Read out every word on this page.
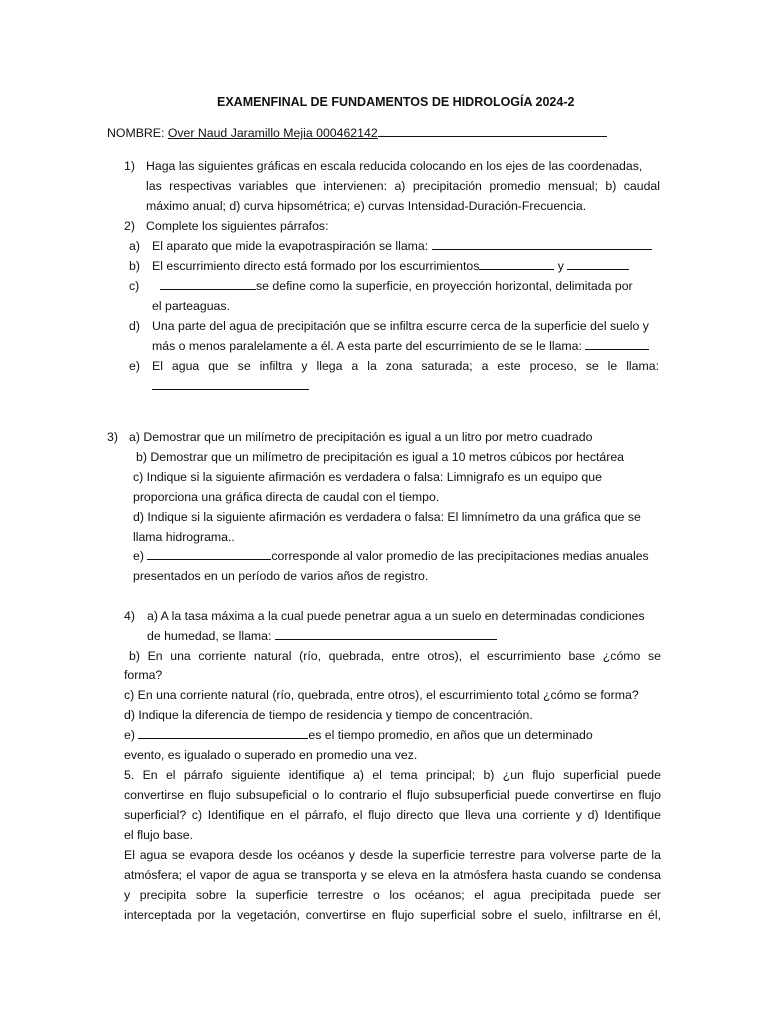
EXAMENFINAL DE FUNDAMENTOS DE HIDROLOGÍA 2024-2
NOMBRE: Over Naud Jaramillo Mejia 000462142
1) Haga las siguientes gráficas en escala reducida colocando en los ejes de las coordenadas,
las respectivas variables que intervienen: a) precipitación promedio mensual; b) caudal
máximo anual; d) curva hipsométrica; e) curvas Intensidad-Duración-Frecuencia.
2) Complete los siguientes párrafos:
a) El aparato que mide la evapotraspiración se llama:
b) El escurrimiento directo está formado por los escurrimientos	y
c)	se define como la superficie, en proyección horizontal, delimitada por
el parteaguas.
d) Una parte del agua de precipitación que se infiltra escurre cerca de la superficie del suelo y
más o menos paralelamente a él. A esta parte del escurrimiento de se le llama:
e) El agua que se infiltra y llega a la zona saturada; a este proceso, se le llama:
3) a) Demostrar que un milímetro de precipitación es igual a un litro por metro cuadrado
b) Demostrar que un milímetro de precipitación es igual a 10 metros cúbicos por hectárea
c) Indique si la siguiente afirmación es verdadera o falsa: Limnigrafo es un equipo que
proporciona una gráfica directa de caudal con el tiempo.
d) Indique si la siguiente afirmación es verdadera o falsa: El limnímetro da una gráfica que se
llama hidrograma..
e)	corresponde al valor promedio de las precipitaciones medias anuales
presentados en un período de varios años de registro.
4) a) A la tasa máxima a la cual puede penetrar agua a un suelo en determinadas condiciones
de humedad, se llama:
b) En una corriente natural (río, quebrada, entre otros), el escurrimiento base ¿cómo se
forma?
c) En una corriente natural (río, quebrada, entre otros), el escurrimiento total ¿cómo se forma?
d) Indique la diferencia de tiempo de residencia y tiempo de concentración.
e)	es el tiempo promedio, en años que un determinado
evento, es igualado o superado en promedio una vez.
5. En el párrafo siguiente identifique a) el tema principal; b) ¿un flujo superficial puede
convertirse en flujo subsupeficial o lo contrario el flujo subsuperficial puede convertirse en flujo
superficial? c) Identifique en el párrafo, el flujo directo que lleva una corriente y d) Identifique
el flujo base.
El agua se evapora desde los océanos y desde la superficie terrestre para volverse parte de la
atmósfera; el vapor de agua se transporta y se eleva en la atmósfera hasta cuando se condensa
y precipita sobre la superficie terrestre o los océanos; el agua precipitada puede ser
interceptada por la vegetación, convertirse en flujo superficial sobre el suelo, infiltrarse en él,
